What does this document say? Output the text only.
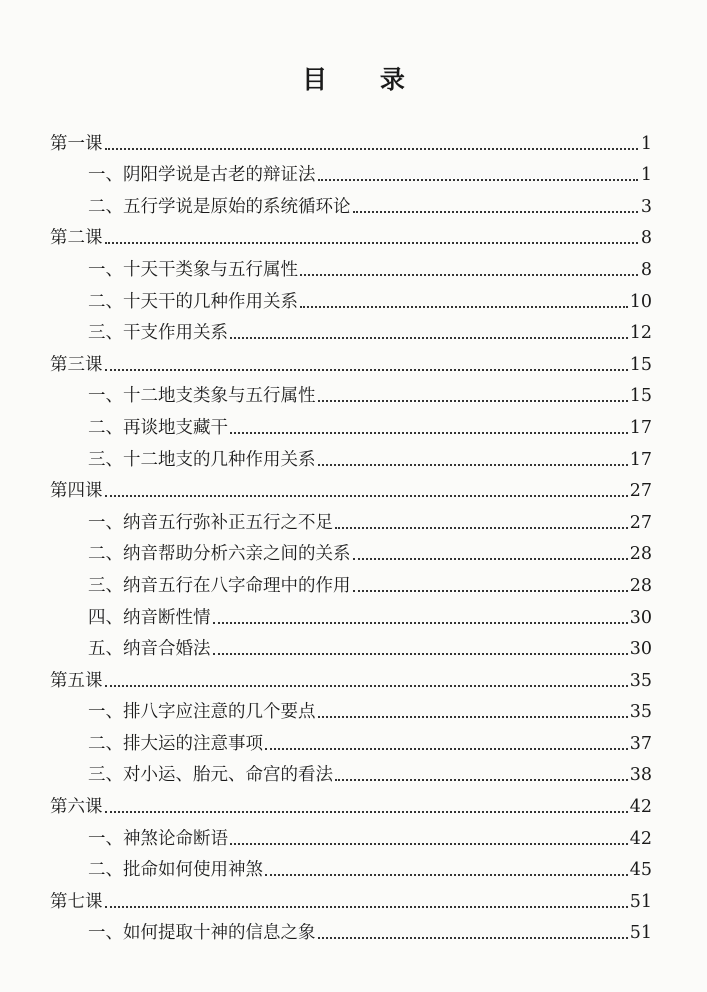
目 录
第一课	1
一、阴阳学说是古老的辩证法	1
二、五行学说是原始的系统循环论	3
第二课	8
一、十天干类象与五行属性	8
二、十天干的几种作用关系	10
三、干支作用关系	12
第三课	15
一、十二地支类象与五行属性	15
二、再谈地支藏干	17
三、十二地支的几种作用关系	17
第四课	27
一、纳音五行弥补正五行之不足	27
二、纳音帮助分析六亲之间的关系	28
三、纳音五行在八字命理中的作用	28
四、纳音断性情	30
五、纳音合婚法	30
第五课	35
一、排八字应注意的几个要点	35
二、排大运的注意事项	37
三、对小运、胎元、命宫的看法	38
第六课	42
一、神煞论命断语	42
二、批命如何使用神煞	45
第七课	51
一、如何提取十神的信息之象	51
